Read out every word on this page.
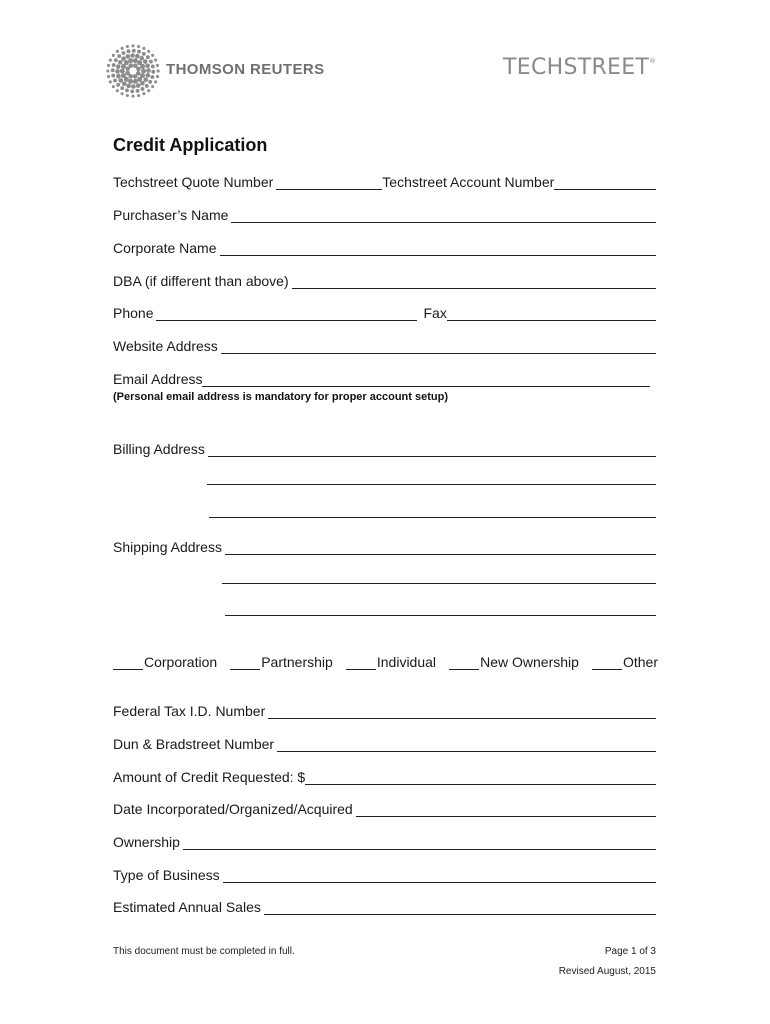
THOMSON REUTERS	TECHSTREET®
Credit Application
Techstreet Quote Number	Techstreet Account Number
Purchaser’s Name
Corporate Name
DBA (if different than above)
Phone	Fax
Website Address
Email Address
(Personal email address is mandatory for proper account setup)
Billing Address
Shipping Address
Corporation	Partnership	Individual	New Ownership	Other
Federal Tax I.D. Number
Dun & Bradstreet Number
Amount of Credit Requested: $
Date Incorporated/Organized/Acquired
Ownership
Type of Business
Estimated Annual Sales
This document must be completed in full.	Page 1 of 3
Revised August, 2015
